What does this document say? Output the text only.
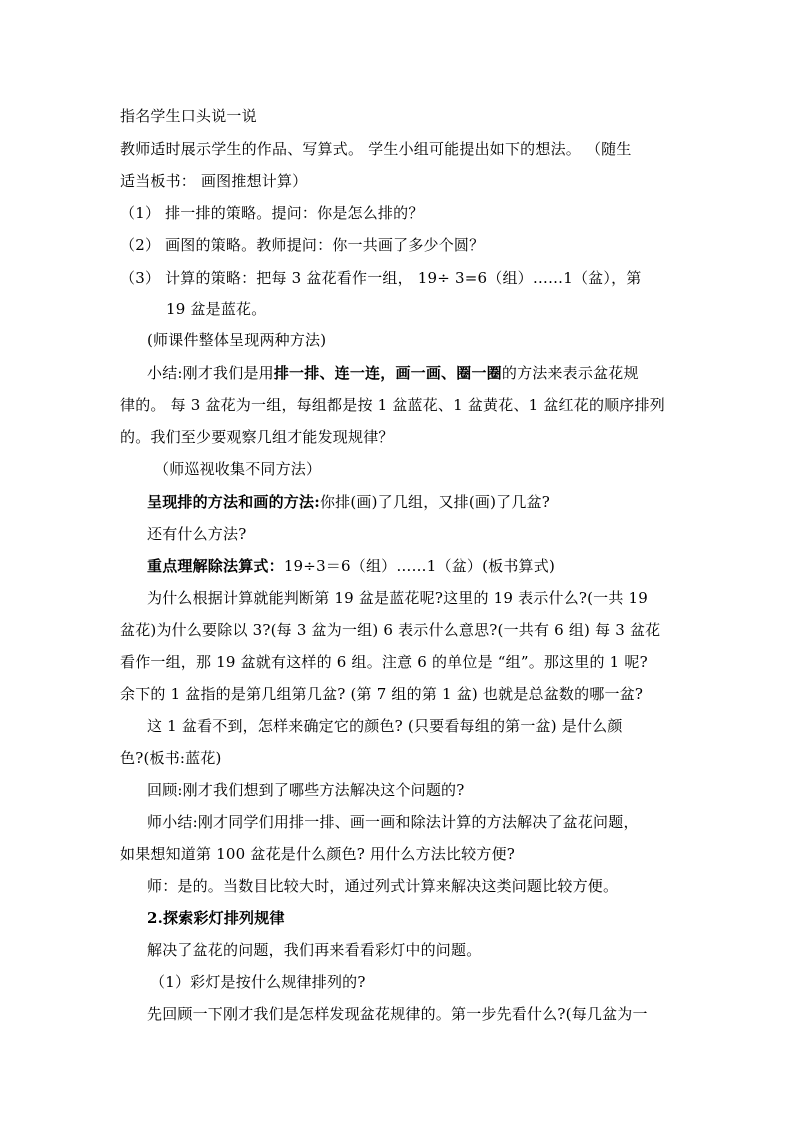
指名学生口头说一说
教师适时展示学生的作品、写算式。 学生小组可能提出如下的想法。 （随生
适当板书： 画图推想计算）
（1） 排一排的策略。提问：你是怎么排的？
（2） 画图的策略。教师提问：你一共画了多少个圆？
（3） 计算的策略：把每 3 盆花看作一组， 19÷ 3=6（组）……1（盆），第
19 盆是蓝花。
(师课件整体呈现两种方法)
小结:刚才我们是用排一排、连一连，画一画、圈一圈的方法来表示盆花规
律的。 每 3 盆花为一组，每组都是按 1 盆蓝花、1 盆黄花、1 盆红花的顺序排列
的。我们至少要观察几组才能发现规律？
（师巡视收集不同方法）
呈现排的方法和画的方法:你排(画)了几组，又排(画)了几盆?
还有什么方法?
重点理解除法算式：19÷3＝6（组）……1（盆）(板书算式)
为什么根据计算就能判断第 19 盆是蓝花呢?这里的 19 表示什么?(一共 19
盆花)为什么要除以 3?(每 3 盆为一组) 6 表示什么意思?(一共有 6 组) 每 3 盆花
看作一组，那 19 盆就有这样的 6 组。注意 6 的单位是 “组”。那这里的 1 呢?
余下的 1 盆指的是第几组第几盆? (第 7 组的第 1 盆) 也就是总盆数的哪一盆?
这 1 盆看不到，怎样来确定它的颜色? (只要看每组的第一盆) 是什么颜
色?(板书:蓝花)
回顾:刚才我们想到了哪些方法解决这个问题的?
师小结:刚才同学们用排一排、画一画和除法计算的方法解决了盆花问题，
如果想知道第 100 盆花是什么颜色? 用什么方法比较方便?
师：是的。当数目比较大时，通过列式计算来解决这类问题比较方便。
2.探索彩灯排列规律
解决了盆花的问题，我们再来看看彩灯中的问题。
（1）彩灯是按什么规律排列的?
先回顾一下刚才我们是怎样发现盆花规律的。第一步先看什么?(每几盆为一
